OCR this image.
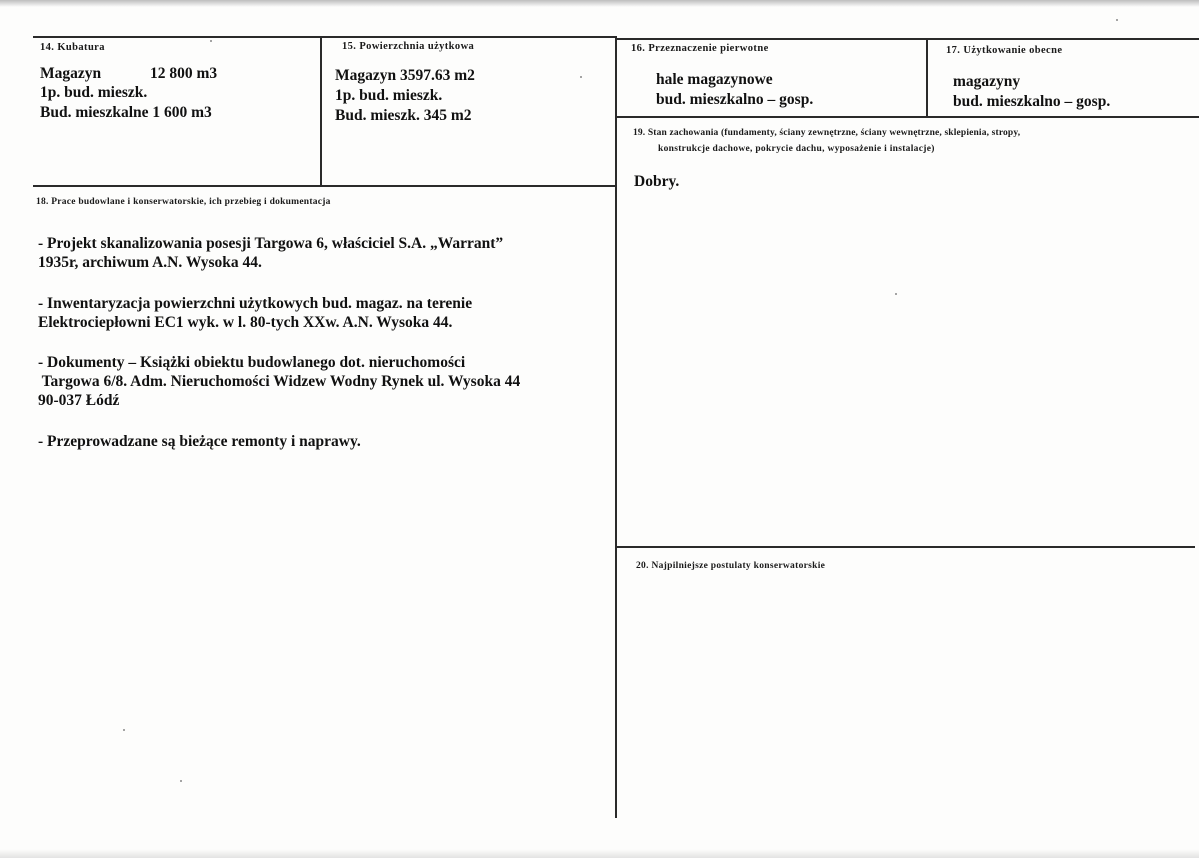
14. Kubatura
Magazyn	12 800 m3
1p. bud. mieszk.
Bud. mieszkalne 1 600 m3
15. Powierzchnia użytkowa
Magazyn 3597.63 m2
1p. bud. mieszk.
Bud. mieszk. 345 m2
16. Przeznaczenie pierwotne
hale magazynowe
bud. mieszkalno – gosp.
17. Użytkowanie obecne
magazyny
bud. mieszkalno – gosp.
19. Stan zachowania (fundamenty, ściany zewnętrzne, ściany wewnętrzne, sklepienia, stropy,
konstrukcje dachowe, pokrycie dachu, wyposażenie i instalacje)
Dobry.
18. Prace budowlane i konserwatorskie, ich przebieg i dokumentacja
- Projekt skanalizowania posesji Targowa 6, właściciel S.A. „Warrant”
1935r, archiwum A.N. Wysoka 44.
- Inwentaryzacja powierzchni użytkowych bud. magaz. na terenie
Elektrociepłowni EC1 wyk. w l. 80-tych XXw. A.N. Wysoka 44.
- Dokumenty – Książki obiektu budowlanego dot. nieruchomości
Targowa 6/8. Adm. Nieruchomości Widzew Wodny Rynek ul. Wysoka 44
90-037 Łódź
- Przeprowadzane są bieżące remonty i naprawy.
20. Najpilniejsze postulaty konserwatorskie
